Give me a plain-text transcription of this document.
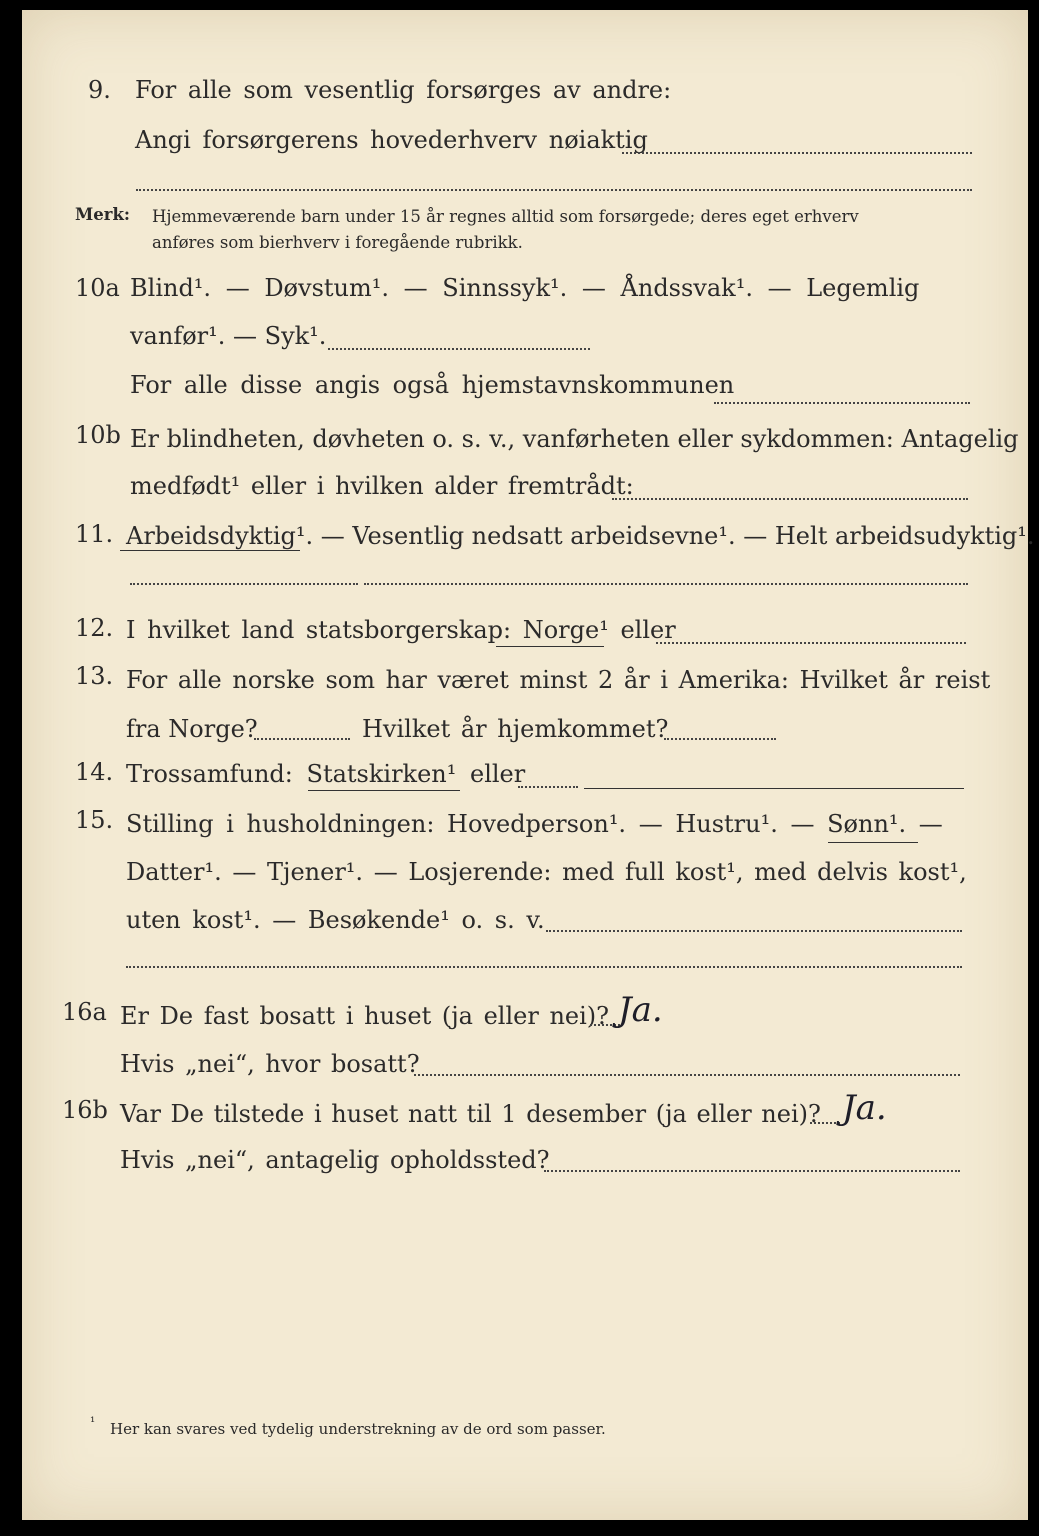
9. For alle som vesentlig forsørges av andre:
Angi forsørgerens hovederhverv nøiaktig
Merk: Hjemmeværende barn under 15 år regnes alltid som forsørgede; deres eget erhverv
anføres som bierhverv i foregående rubrikk.
10a Blind¹. — Døvstum¹. — Sinnssyk¹. — Åndssvak¹. — Legemlig
vanfør¹. — Syk¹.
For alle disse angis også hjemstavnskommunen
10b Er blindheten, døvheten o. s. v., vanførheten eller sykdommen: Antagelig
medfødt¹ eller i hvilken alder fremtrådt:
11. Arbeidsdyktig¹. — Vesentlig nedsatt arbeidsevne¹. — Helt arbeidsudyktig¹.
12. I hvilket land statsborgerskap: Norge¹ eller
13. For alle norske som har været minst 2 år i Amerika: Hvilket år reist
fra Norge?	Hvilket år hjemkommet?
14. Trossamfund: Statskirken¹ eller
15. Stilling i husholdningen: Hovedperson¹. — Hustru¹. — Sønn¹. —
Datter¹. — Tjener¹. — Losjerende: med full kost¹, med delvis kost¹,
uten kost¹. — Besøkende¹ o. s. v.
16a Er De fast bosatt i huset (ja eller nei)? Ja.
Hvis „nei“, hvor bosatt?
16b Var De tilstede i huset natt til 1 desember (ja eller nei)? Ja.
Hvis „nei“, antagelig opholdssted?
¹ Her kan svares ved tydelig understrekning av de ord som passer.
